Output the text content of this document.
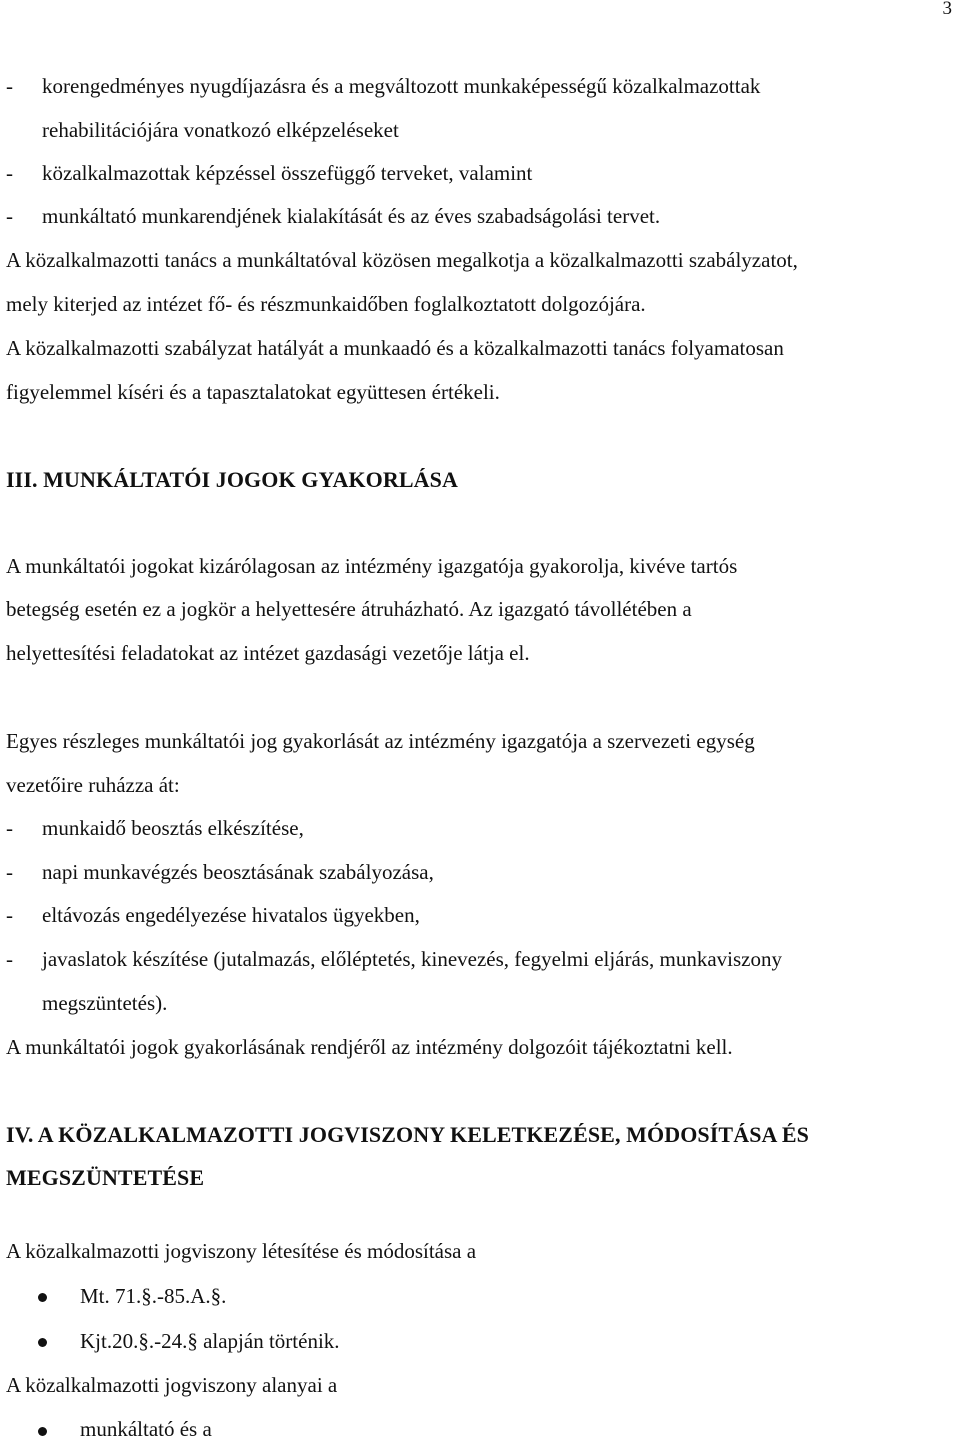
3
- korengedményes nyugdíjazásra és a megváltozott munkaképességű közalkalmazottak
rehabilitációjára vonatkozó elképzeléseket
- közalkalmazottak képzéssel összefüggő terveket, valamint
- munkáltató munkarendjének kialakítását és az éves szabadságolási tervet.
A közalkalmazotti tanács a munkáltatóval közösen megalkotja a közalkalmazotti szabályzatot,
mely kiterjed az intézet fő- és részmunkaidőben foglalkoztatott dolgozójára.
A közalkalmazotti szabályzat hatályát a munkaadó és a közalkalmazotti tanács folyamatosan
figyelemmel kíséri és a tapasztalatokat együttesen értékeli.
III. MUNKÁLTATÓI JOGOK GYAKORLÁSA
A munkáltatói jogokat kizárólagosan az intézmény igazgatója gyakorolja, kivéve tartós
betegség esetén ez a jogkör a helyettesére átruházható. Az igazgató távollétében a
helyettesítési feladatokat az intézet gazdasági vezetője látja el.
Egyes részleges munkáltatói jog gyakorlását az intézmény igazgatója a szervezeti egység
vezetőire ruházza át:
- munkaidő beosztás elkészítése,
- napi munkavégzés beosztásának szabályozása,
- eltávozás engedélyezése hivatalos ügyekben,
- javaslatok készítése (jutalmazás, előléptetés, kinevezés, fegyelmi eljárás, munkaviszony
megszüntetés).
A munkáltatói jogok gyakorlásának rendjéről az intézmény dolgozóit tájékoztatni kell.
IV. A KÖZALKALMAZOTTI JOGVISZONY KELETKEZÉSE, MÓDOSÍTÁSA ÉS
MEGSZÜNTETÉSE
A közalkalmazotti jogviszony létesítése és módosítása a
Mt. 71.§.-85.A.§.
Kjt.20.§.-24.§ alapján történik.
A közalkalmazotti jogviszony alanyai a
munkáltató és a
